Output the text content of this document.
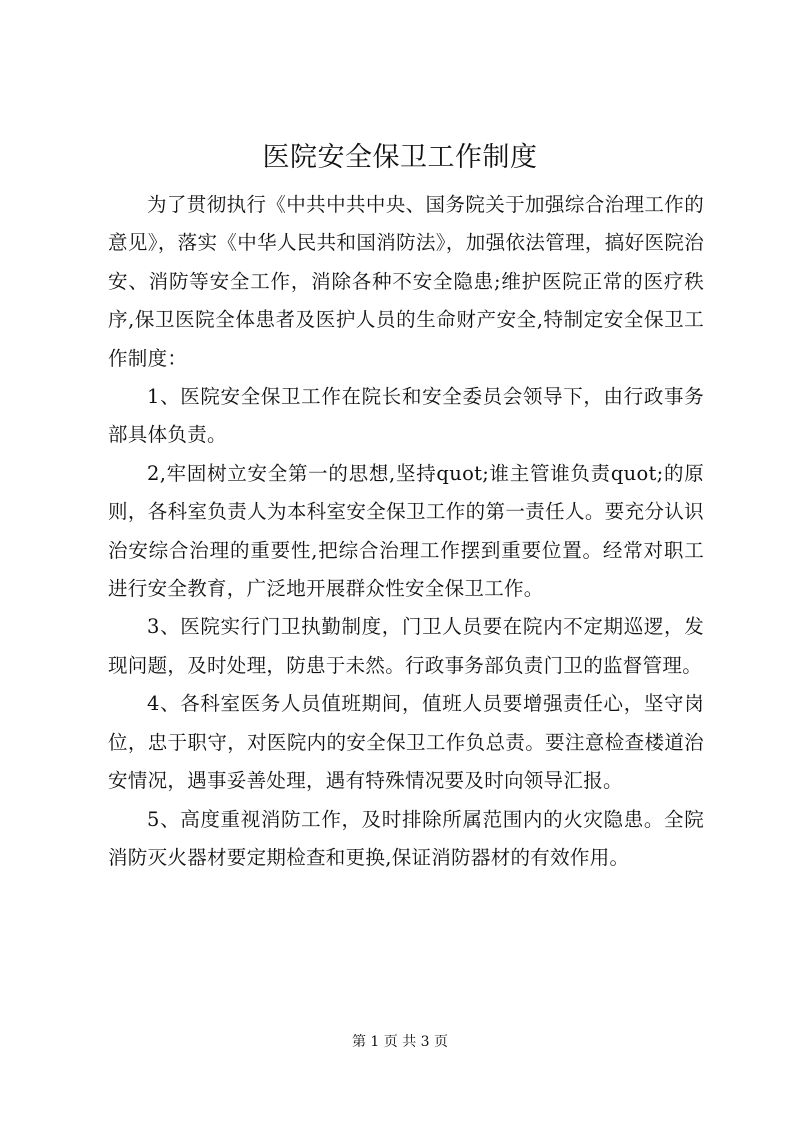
医院安全保卫工作制度

为了贯彻执行《中共中共中央、国务院关于加强综合治理工作的意见》，落实《中华人民共和国消防法》，加强依法管理，搞好医院治安、消防等安全工作，消除各种不安全隐患;维护医院正常的医疗秩序,保卫医院全体患者及医护人员的生命财产安全,特制定安全保卫工作制度：

1、医院安全保卫工作在院长和安全委员会领导下，由行政事务部具体负责。

2,牢固树立安全第一的思想,坚持quot;谁主管谁负责quot;的原则，各科室负责人为本科室安全保卫工作的第一责任人。要充分认识治安综合治理的重要性,把综合治理工作摆到重要位置。经常对职工进行安全教育，广泛地开展群众性安全保卫工作。

3、医院实行门卫执勤制度，门卫人员要在院内不定期巡逻，发现问题，及时处理，防患于未然。行政事务部负责门卫的监督管理。

4、各科室医务人员值班期间，值班人员要增强责任心，坚守岗位，忠于职守，对医院内的安全保卫工作负总责。要注意检查楼道治安情况，遇事妥善处理，遇有特殊情况要及时向领导汇报。

5、高度重视消防工作，及时排除所属范围内的火灾隐患。全院消防灭火器材要定期检查和更换,保证消防器材的有效作用。

第 1 页 共 3 页
